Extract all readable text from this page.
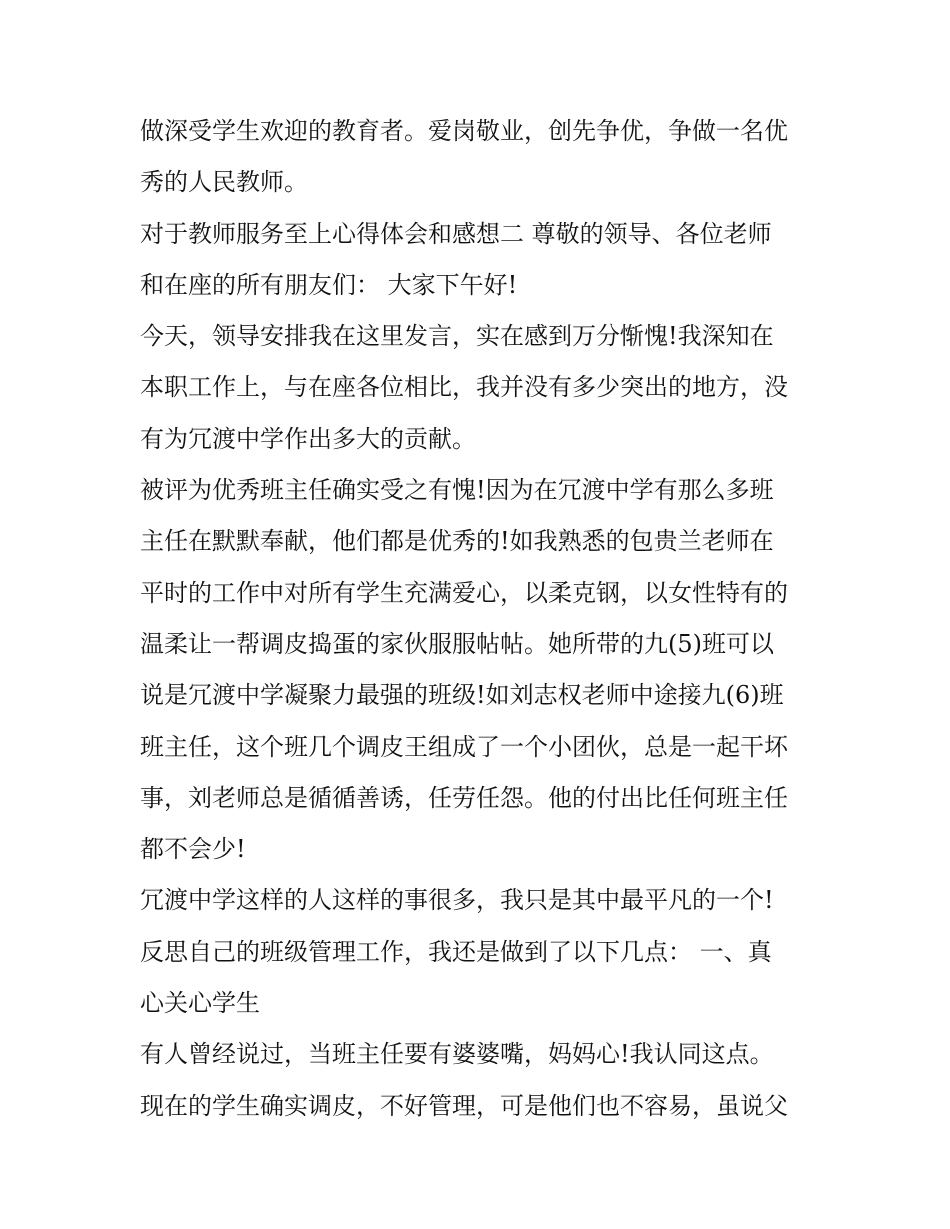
做深受学生欢迎的教育者。爱岗敬业，创先争优，争做一名优

秀的人民教师。

对于教师服务至上心得体会和感想二 尊敬的领导、各位老师

和在座的所有朋友们： 大家下午好!

今天，领导安排我在这里发言，实在感到万分惭愧!我深知在

本职工作上，与在座各位相比，我并没有多少突出的地方，没

有为冗渡中学作出多大的贡献。

被评为优秀班主任确实受之有愧!因为在冗渡中学有那么多班

主任在默默奉献，他们都是优秀的!如我熟悉的包贵兰老师在

平时的工作中对所有学生充满爱心，以柔克钢，以女性特有的

温柔让一帮调皮捣蛋的家伙服服帖帖。她所带的九(5)班可以

说是冗渡中学凝聚力最强的班级!如刘志权老师中途接九(6)班

班主任，这个班几个调皮王组成了一个小团伙，总是一起干坏

事，刘老师总是循循善诱，任劳任怨。他的付出比任何班主任

都不会少!

冗渡中学这样的人这样的事很多，我只是其中最平凡的一个!

反思自己的班级管理工作，我还是做到了以下几点： 一、真

心关心学生

有人曾经说过，当班主任要有婆婆嘴，妈妈心!我认同这点。

现在的学生确实调皮，不好管理，可是他们也不容易，虽说父
